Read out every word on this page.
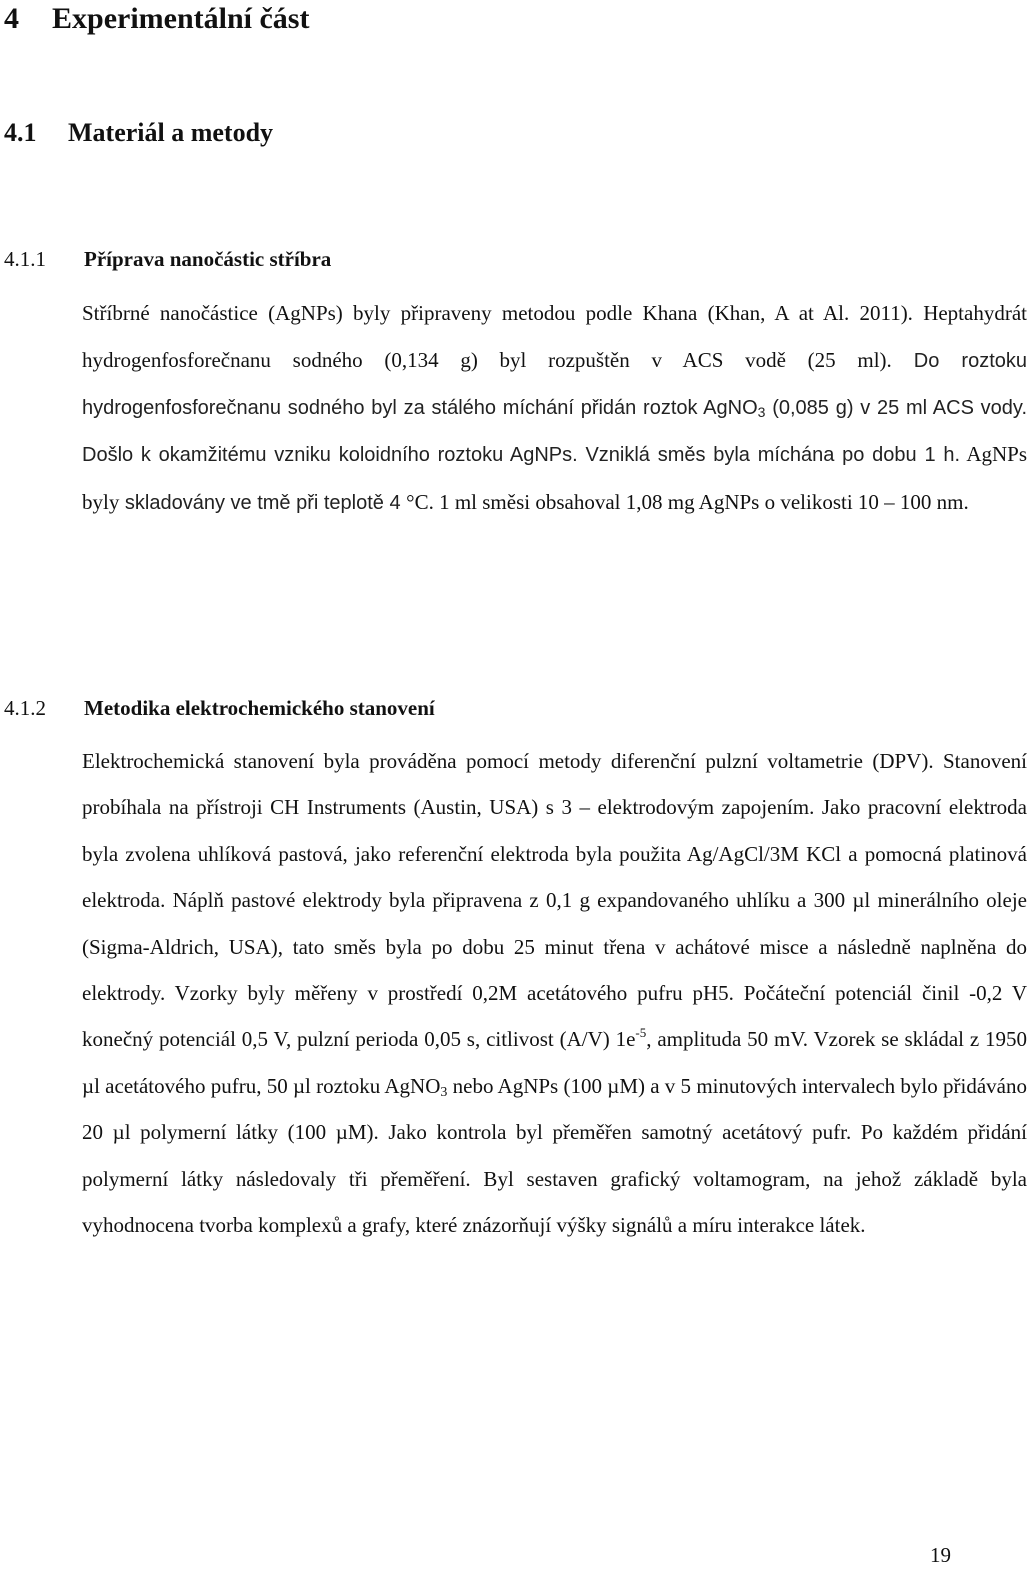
4 Experimentální část
4.1 Materiál a metody
4.1.1 Příprava nanočástic stříbra

Stříbrné nanočástice (AgNPs) byly připraveny metodou podle Khana (Khan, A at Al. 2011). Heptahydrát hydrogenfosforečnanu sodného (0,134 g) byl rozpuštěn v ACS vodě (25 ml). Do roztoku hydrogenfosforečnanu sodného byl za stálého míchání přidán roztok AgNO$_3$ (0,085 g) v 25 ml ACS vody. Došlo k okamžitému vzniku koloidního roztoku AgNPs. Vzniklá směs byla míchána po dobu 1 h. AgNPs byly skladovány ve tmě při teplotě 4 °C. 1 ml směsi obsahoval 1,08 mg AgNPs o velikosti 10 – 100 nm.

4.1.2 Metodika elektrochemického stanovení

Elektrochemická stanovení byla prováděna pomocí metody diferenční pulzní voltametrie (DPV). Stanovení probíhala na přístroji CH Instruments (Austin, USA) s 3 – elektrodovým zapojením. Jako pracovní elektroda byla zvolena uhlíková pastová, jako referenční elektroda byla použita Ag/AgCl/3M KCl a pomocná platinová elektroda. Náplň pastové elektrody byla připravena z 0,1 g expandovaného uhlíku a 300 µl minerálního oleje (Sigma-Aldrich, USA), tato směs byla po dobu 25 minut třena v achátové misce a následně naplněna do elektrody. Vzorky byly měřeny v prostředí 0,2M acetátového pufru pH5. Počáteční potenciál činil -0,2 V konečný potenciál 0,5 V, pulzní perioda 0,05 s, citlivost (A/V) $1e^{-5}$, amplituda 50 mV. Vzorek se skládal z 1950 µl acetátového pufru, 50 µl roztoku AgNO$_3$ nebo AgNPs (100 µM) a v 5 minutových intervalech bylo přidáváno 20 µl polymerní látky (100 µM). Jako kontrola byl přeměřen samotný acetátový pufr. Po každém přidání polymerní látky následovaly tři přeměření. Byl sestaven grafický voltamogram, na jehož základě byla vyhodnocena tvorba komplexů a grafy, které znázorňují výšky signálů a míru interakce látek.

19
